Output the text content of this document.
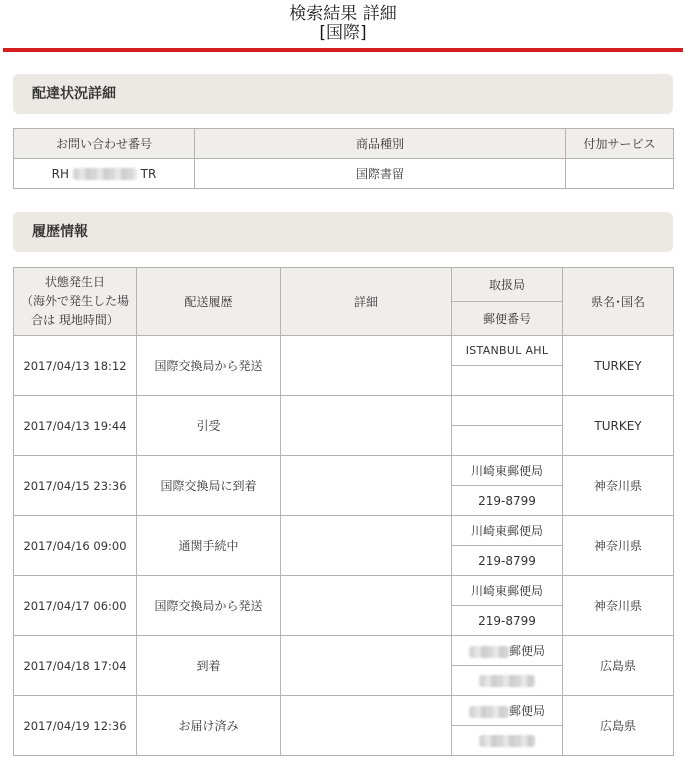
検索結果 詳細
[国際]
配達状況詳細
お問い合わせ番号	商品種別	付加サービス
RH TR	国際書留	
履歴情報
状態発生日
（海外で発生した場
合は 現地時間）	配送履歴	詳細	取扱局	県名･国名
			郵便番号	
2017/04/13 18:12	国際交換局から発送		ISTANBUL AHL	TURKEY

2017/04/13 19:44	引受			TURKEY

2017/04/15 23:36	国際交換局に到着		川崎東郵便局	神奈川県
			219-8799	
2017/04/16 09:00	通関手続中		川崎東郵便局	神奈川県
			219-8799	
2017/04/17 06:00	国際交換局から発送		川崎東郵便局	神奈川県
			219-8799	
2017/04/18 17:04	到着		郵便局	広島県

2017/04/19 12:36	お届け済み		郵便局	広島県
